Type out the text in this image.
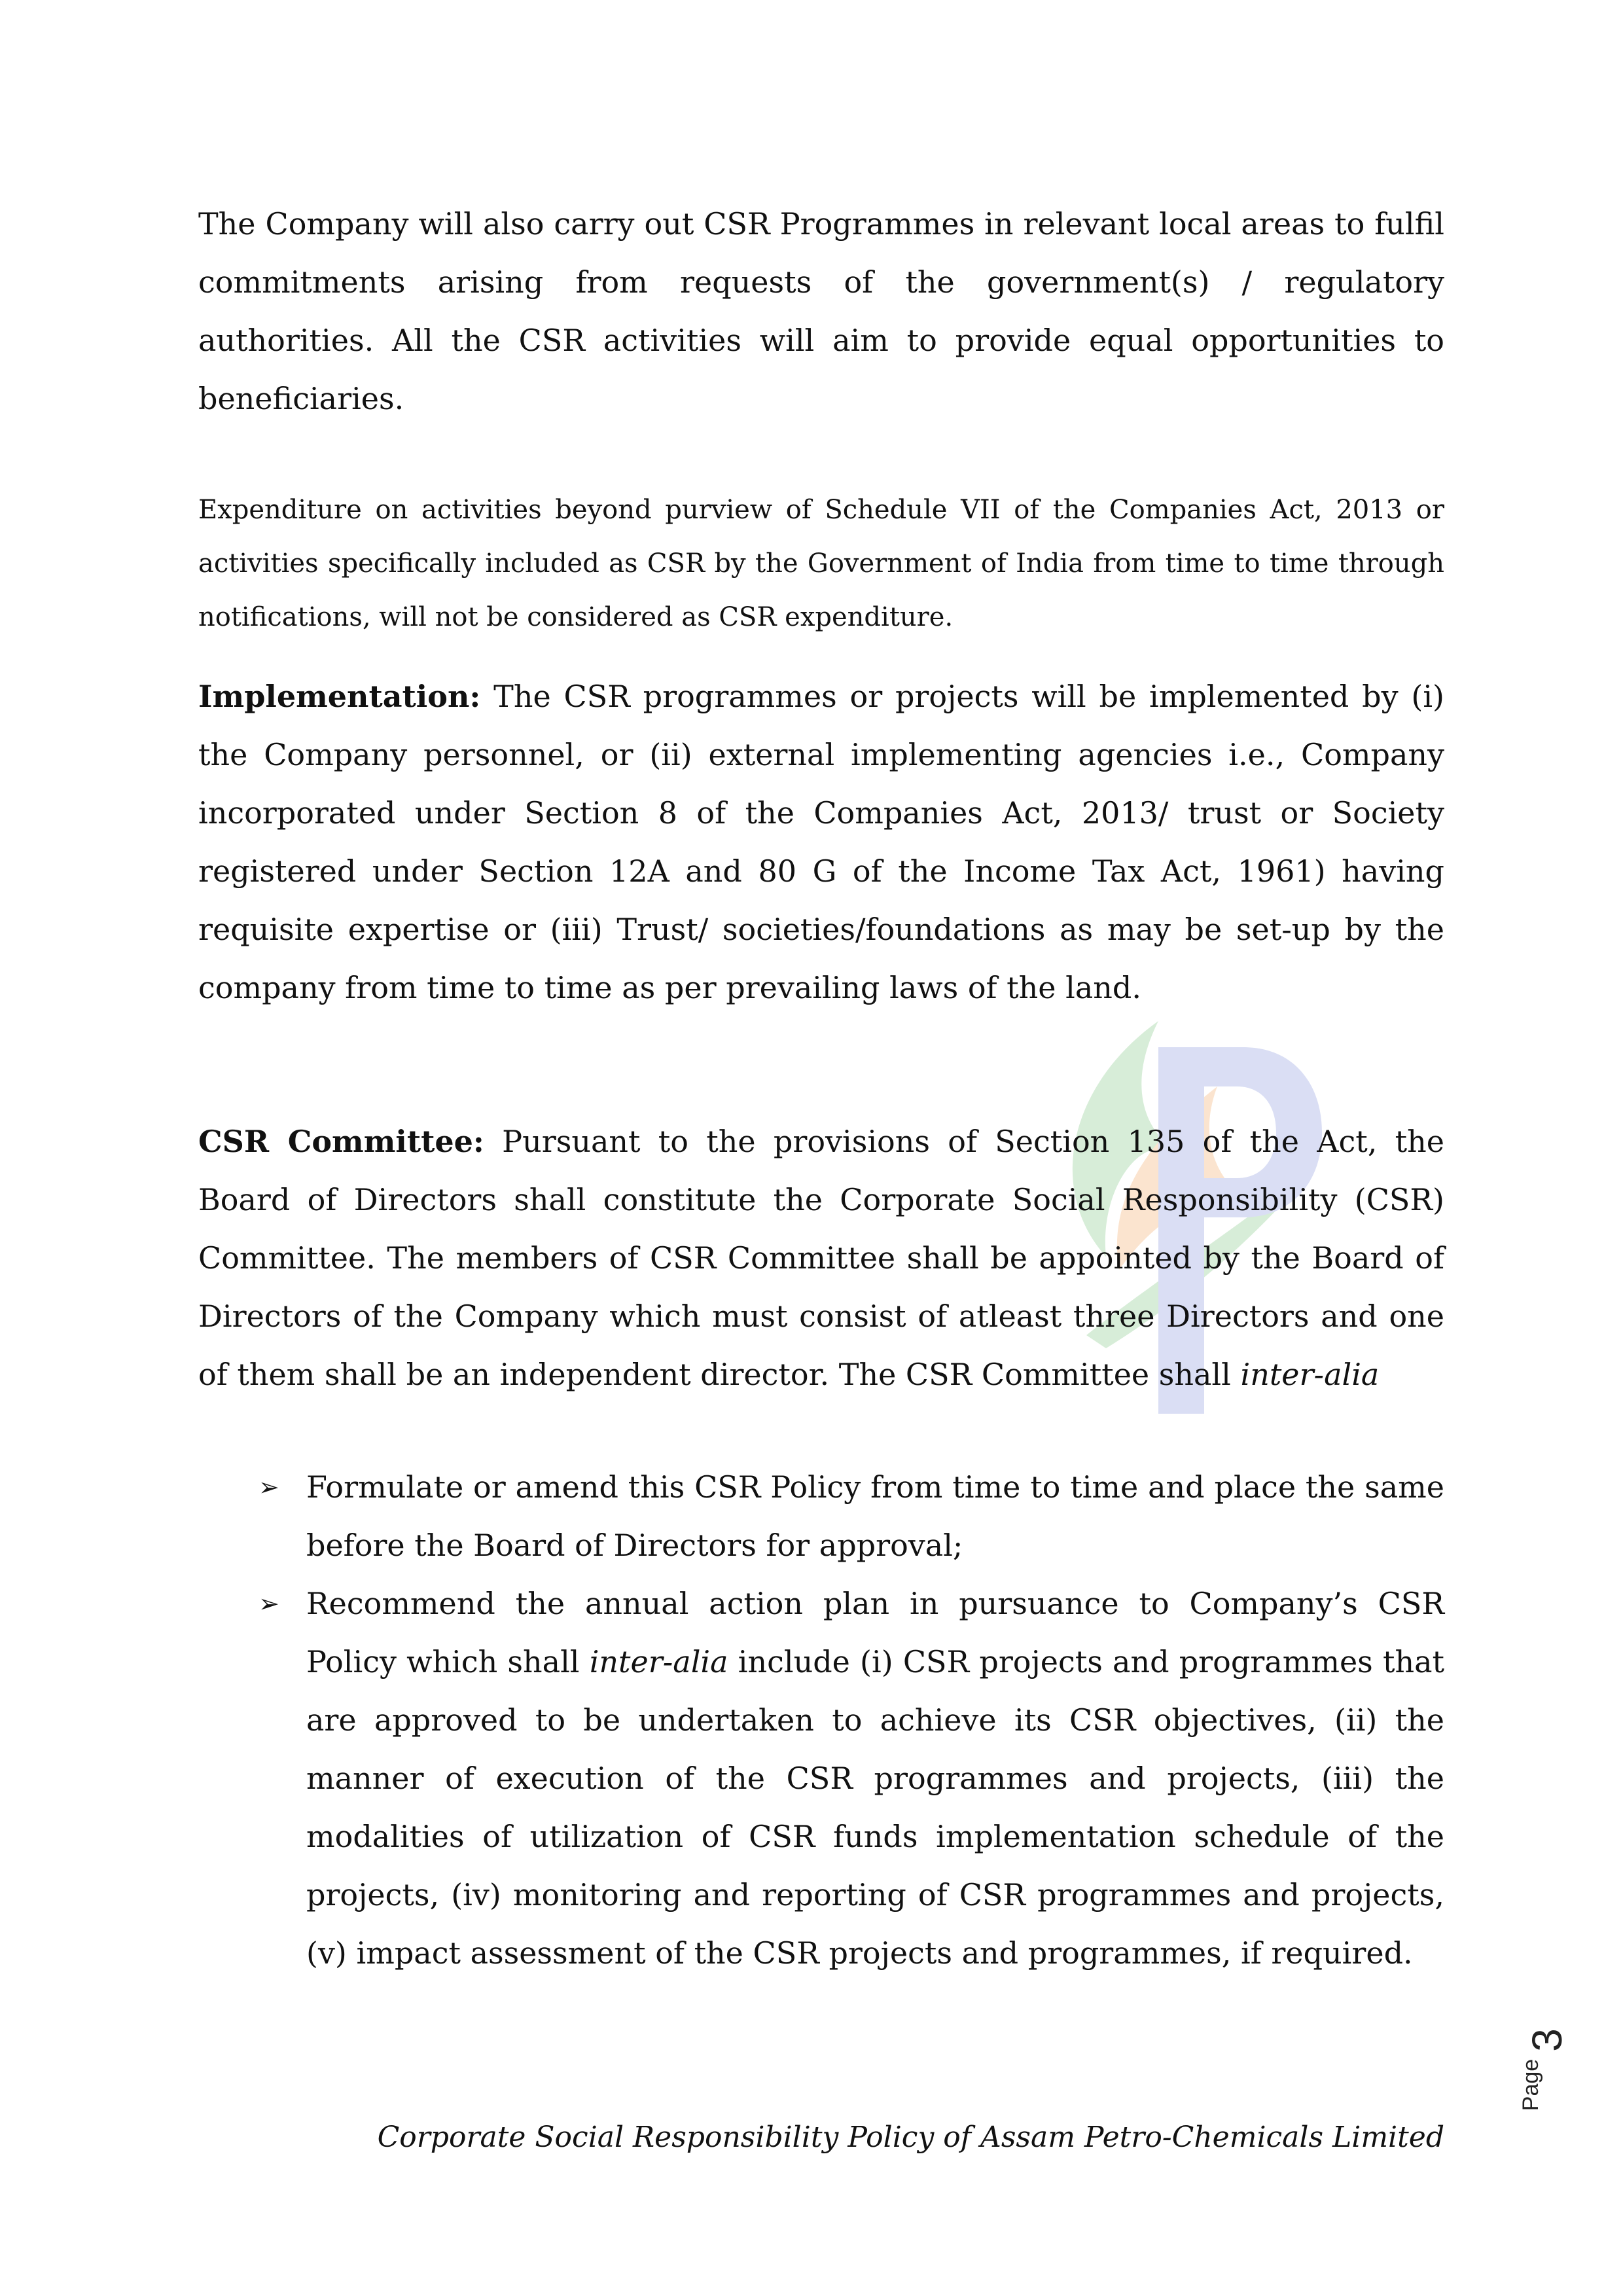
The Company will also carry out CSR Programmes in relevant local areas to fulfil commitments arising from requests of the government(s) / regulatory authorities. All the CSR activities will aim to provide equal opportunities to beneficiaries.

Expenditure on activities beyond purview of Schedule VII of the Companies Act, 2013 or activities specifically included as CSR by the Government of India from time to time through notifications, will not be considered as CSR expenditure.

Implementation: The CSR programmes or projects will be implemented by (i) the Company personnel, or (ii) external implementing agencies i.e., Company incorporated under Section 8 of the Companies Act, 2013/ trust or Society registered under Section 12A and 80 G of the Income Tax Act, 1961) having requisite expertise or (iii) Trust/ societies/foundations as may be set-up by the company from time to time as per prevailing laws of the land.

CSR Committee: Pursuant to the provisions of Section 135 of the Act, the Board of Directors shall constitute the Corporate Social Responsibility (CSR) Committee. The members of CSR Committee shall be appointed by the Board of Directors of the Company which must consist of atleast three Directors and one of them shall be an independent director. The CSR Committee shall inter-alia

➢ Formulate or amend this CSR Policy from time to time and place the same before the Board of Directors for approval;
➢ Recommend the annual action plan in pursuance to Company’s CSR Policy which shall inter-alia include (i) CSR projects and programmes that are approved to be undertaken to achieve its CSR objectives, (ii) the manner of execution of the CSR programmes and projects, (iii) the modalities of utilization of CSR funds implementation schedule of the projects, (iv) monitoring and reporting of CSR programmes and projects, (v) impact assessment of the CSR projects and programmes, if required.
Page
3
Corporate Social Responsibility Policy of Assam Petro-Chemicals Limited
